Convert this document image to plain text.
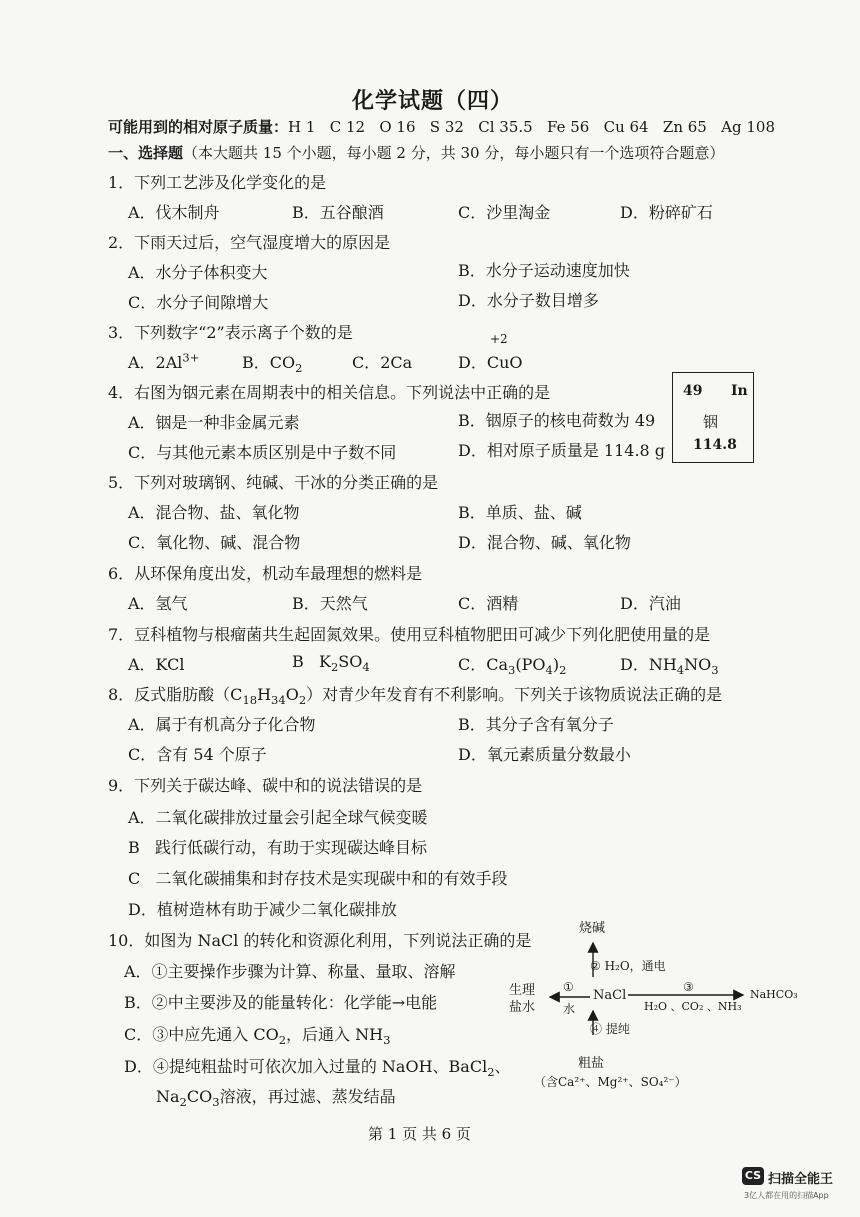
化学试题（四）
可能用到的相对原子质量：H 1   C 12   O 16   S 32   Cl 35.5   Fe 56   Cu 64   Zn 65   Ag 108
一、选择题（本大题共 15 个小题，每小题 2 分，共 30 分，每小题只有一个选项符合题意）
1．下列工艺涉及化学变化的是
A．伐木制舟	B．五谷酿酒	C．沙里淘金	D．粉碎矿石
2．下雨天过后，空气湿度增大的原因是
A．水分子体积变大	B．水分子运动速度加快
C．水分子间隙增大	D．水分子数目增多
3．下列数字“2”表示离子个数的是
A．$2Al^{3+}$	B．$CO_2$	C．2Ca
+2
D．CuO
4．右图为铟元素在周期表中的相关信息。下列说法中正确的是
A．铟是一种非金属元素	B．铟原子的核电荷数为 49
C．与其他元素本质区别是中子数不同	D．相对原子质量是 114.8 g
49 In
铟
114.8
5．下列对玻璃钢、纯碱、干冰的分类正确的是
A．混合物、盐、氧化物	B．单质、盐、碱
C．氧化物、碱、混合物	D．混合物、碱、氧化物
6．从环保角度出发，机动车最理想的燃料是
A．氢气	B．天然气	C．酒精	D．汽油
7．豆科植物与根瘤菌共生起固氮效果。使用豆科植物肥田可减少下列化肥使用量的是
A．KCl	B   $K_2SO_4$	C．$Ca_3(PO_4)_2$	D．$NH_4NO_3$
8．反式脂肪酸$(C_{18}H_{34}O_2)$对青少年发育有不利影响。下列关于该物质说法正确的是
A．属于有机高分子化合物	B．其分子含有氧分子
C．含有 54 个原子	D．氧元素质量分数最小
9．下列关于碳达峰、碳中和的说法错误的是
A．二氧化碳排放过量会引起全球气候变暖
B   践行低碳行动，有助于实现碳达峰目标
C   二氧化碳捕集和封存技术是实现碳中和的有效手段
D．植树造林有助于减少二氧化碳排放
10．如图为 NaCl 的转化和资源化利用，下列说法正确的是
A．①主要操作步骤为计算、称量、量取、溶解
B．②中主要涉及的能量转化：化学能→电能
C．③中应先通入 $CO_2$，后通入 $NH_3$
D．④提纯粗盐时可依次加入过量的 NaOH、BaCl$_2$、
$Na_2CO_3$溶液，再过滤、蒸发结晶
烧碱
② H₂O，通电
生理
盐水
①
水
NaCl
③
H₂O 、CO₂ 、NH₃
NaHCO₃
④ 提纯
粗盐
（含Ca²⁺、Mg²⁺、SO₄²⁻）
第 1 页 共 6 页
CS 扫描全能王
3亿人都在用的扫描App
